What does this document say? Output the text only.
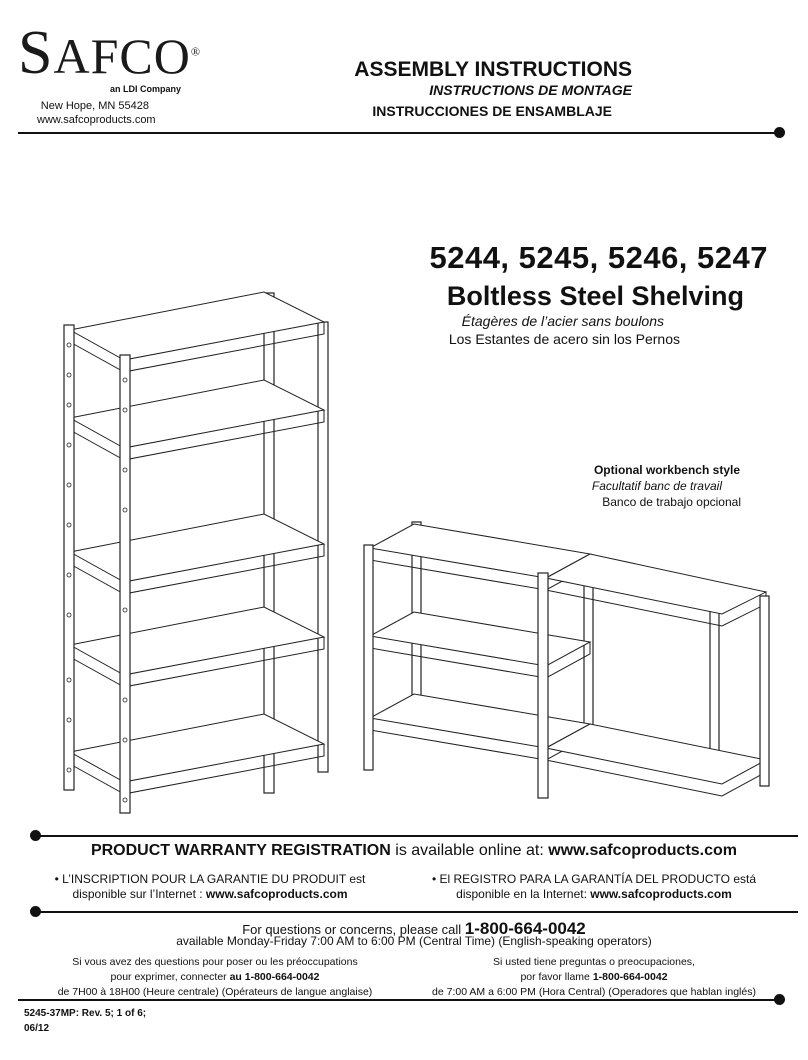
SAFCO®
an LDI Company
New Hope, MN 55428
www.safcoproducts.com
ASSEMBLY INSTRUCTIONS
INSTRUCTIONS DE MONTAGE
INSTRUCCIONES DE ENSAMBLAJE
5244, 5245, 5246, 5247
Boltless Steel Shelving
Étagères de l’acier sans boulons
Los Estantes de acero sin los Pernos
Optional workbench style
Facultatif banc de travail
Banco de trabajo opcional
PRODUCT WARRANTY REGISTRATION is available online at: www.safcoproducts.com
• L’INSCRIPTION POUR LA GARANTIE DU PRODUIT est
disponible sur l’Internet : www.safcoproducts.com
• El REGISTRO PARA LA GARANTÍA DEL PRODUCTO está
disponible en la Internet: www.safcoproducts.com
For questions or concerns, please call 1-800-664-0042
available Monday-Friday 7:00 AM to 6:00 PM (Central Time) (English-speaking operators)
Si vous avez des questions pour poser ou les préoccupations
pour exprimer, connecter au 1-800-664-0042
de 7H00 à 18H00 (Heure centrale) (Opérateurs de langue anglaise)
Si usted tiene preguntas o preocupaciones,
por favor llame 1-800-664-0042
de 7:00 AM a 6:00 PM (Hora Central) (Operadores que hablan inglés)
5245-37MP: Rev. 5; 1 of 6;
06/12
